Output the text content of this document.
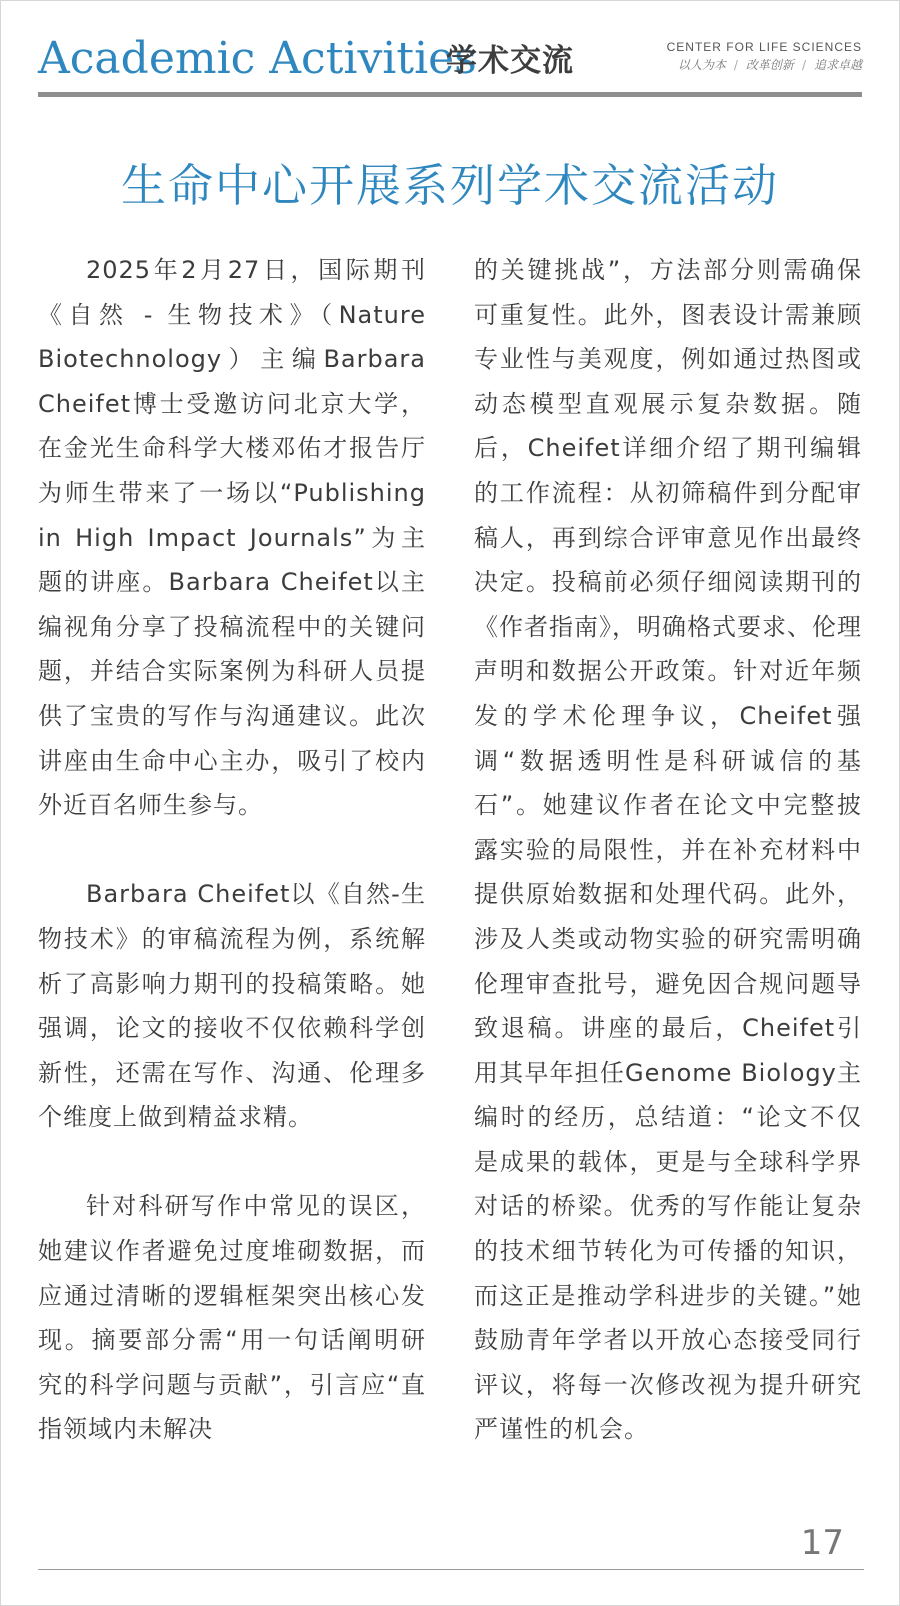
Academic Activities
学术交流	CENTER FOR LIFE SCIENCES
以人为本 / 改革创新 / 追求卓越
生命中心开展系列学术交流活动

2025年2月27日，国际期刊《自然 - 生物技术》（Nature Biotechnology）主编Barbara Cheifet博士受邀访问北京大学，在金光生命科学大楼邓佑才报告厅为师生带来了一场以“Publishing in High Impact Journals”为主题的讲座。Barbara Cheifet以主编视角分享了投稿流程中的关键问题，并结合实际案例为科研人员提供了宝贵的写作与沟通建议。此次讲座由生命中心主办，吸引了校内外近百名师生参与。

Barbara Cheifet以《自然-生物技术》的审稿流程为例，系统解析了高影响力期刊的投稿策略。她强调，论文的接收不仅依赖科学创新性，还需在写作、沟通、伦理多个维度上做到精益求精。

针对科研写作中常见的误区，她建议作者避免过度堆砌数据，而应通过清晰的逻辑框架突出核心发现。摘要部分需“用一句话阐明研究的科学问题与贡献”，引言应“直指领域内未解决

的关键挑战”，方法部分则需确保可重复性。此外，图表设计需兼顾专业性与美观度，例如通过热图或动态模型直观展示复杂数据。随后，Cheifet详细介绍了期刊编辑的工作流程：从初筛稿件到分配审稿人，再到综合评审意见作出最终决定。投稿前必须仔细阅读期刊的《作者指南》，明确格式要求、伦理声明和数据公开政策。针对近年频发的学术伦理争议，Cheifet强调“数据透明性是科研诚信的基石”。她建议作者在论文中完整披露实验的局限性，并在补充材料中提供原始数据和处理代码。此外，涉及人类或动物实验的研究需明确伦理审查批号，避免因合规问题导致退稿。讲座的最后，Cheifet引用其早年担任Genome Biology主编时的经历，总结道：“论文不仅是成果的载体，更是与全球科学界对话的桥梁。优秀的写作能让复杂的技术细节转化为可传播的知识，而这正是推动学科进步的关键。”她鼓励青年学者以开放心态接受同行评议，将每一次修改视为提升研究严谨性的机会。

17
